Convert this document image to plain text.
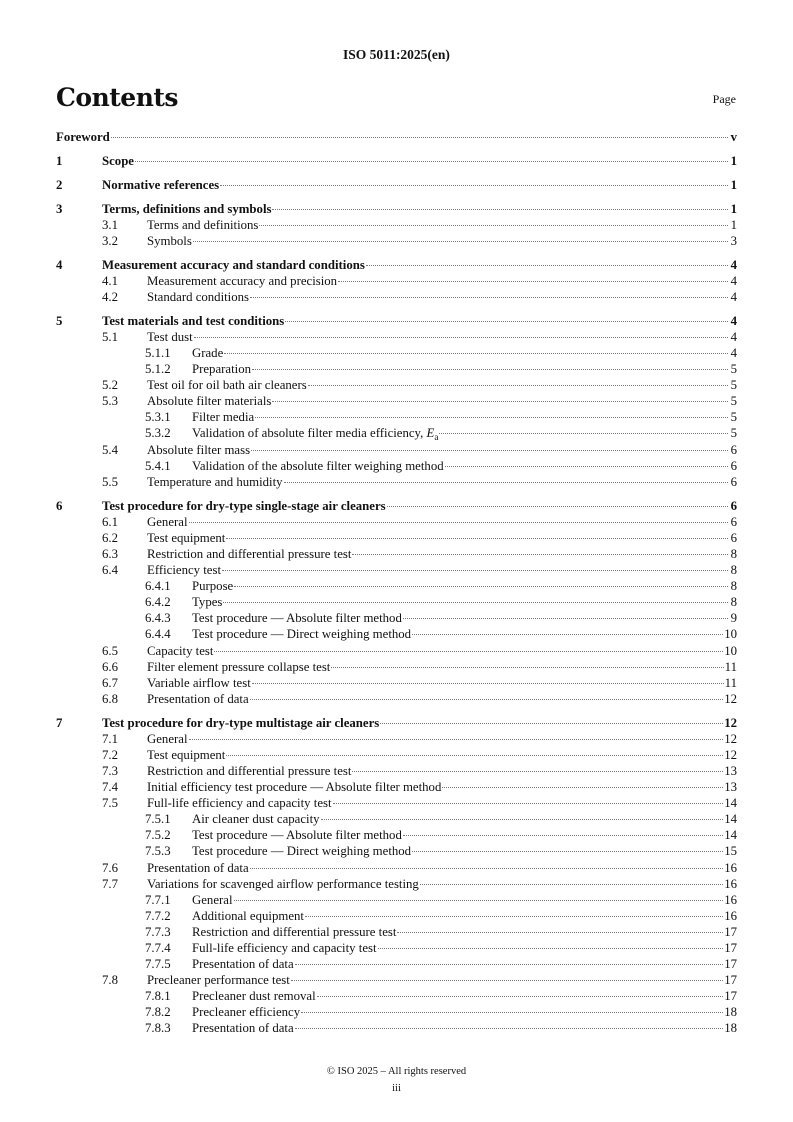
ISO 5011:2025(en)
Contents	Page
Foreword	v
1	Scope	1
2	Normative references	1
3	Terms, definitions and symbols	1
3.1	Terms and definitions	1
3.2	Symbols	3
4	Measurement accuracy and standard conditions	4
4.1	Measurement accuracy and precision	4
4.2	Standard conditions	4
5	Test materials and test conditions	4
5.1	Test dust	4
5.1.1	Grade	4
5.1.2	Preparation	5
5.2	Test oil for oil bath air cleaners	5
5.3	Absolute filter materials	5
5.3.1	Filter media	5
5.3.2	Validation of absolute filter media efficiency, $E_a$	5
5.4	Absolute filter mass	6
5.4.1	Validation of the absolute filter weighing method	6
5.5	Temperature and humidity	6
6	Test procedure for dry-type single-stage air cleaners	6
6.1	General	6
6.2	Test equipment	6
6.3	Restriction and differential pressure test	8
6.4	Efficiency test	8
6.4.1	Purpose	8
6.4.2	Types	8
6.4.3	Test procedure — Absolute filter method	9
6.4.4	Test procedure — Direct weighing method	10
6.5	Capacity test	10
6.6	Filter element pressure collapse test	11
6.7	Variable airflow test	11
6.8	Presentation of data	12
7	Test procedure for dry-type multistage air cleaners	12
7.1	General	12
7.2	Test equipment	12
7.3	Restriction and differential pressure test	13
7.4	Initial efficiency test procedure — Absolute filter method	13
7.5	Full-life efficiency and capacity test	14
7.5.1	Air cleaner dust capacity	14
7.5.2	Test procedure — Absolute filter method	14
7.5.3	Test procedure — Direct weighing method	15
7.6	Presentation of data	16
7.7	Variations for scavenged airflow performance testing	16
7.7.1	General	16
7.7.2	Additional equipment	16
7.7.3	Restriction and differential pressure test	17
7.7.4	Full-life efficiency and capacity test	17
7.7.5	Presentation of data	17
7.8	Precleaner performance test	17
7.8.1	Precleaner dust removal	17
7.8.2	Precleaner efficiency	18
7.8.3	Presentation of data	18
© ISO 2025 – All rights reserved
iii
